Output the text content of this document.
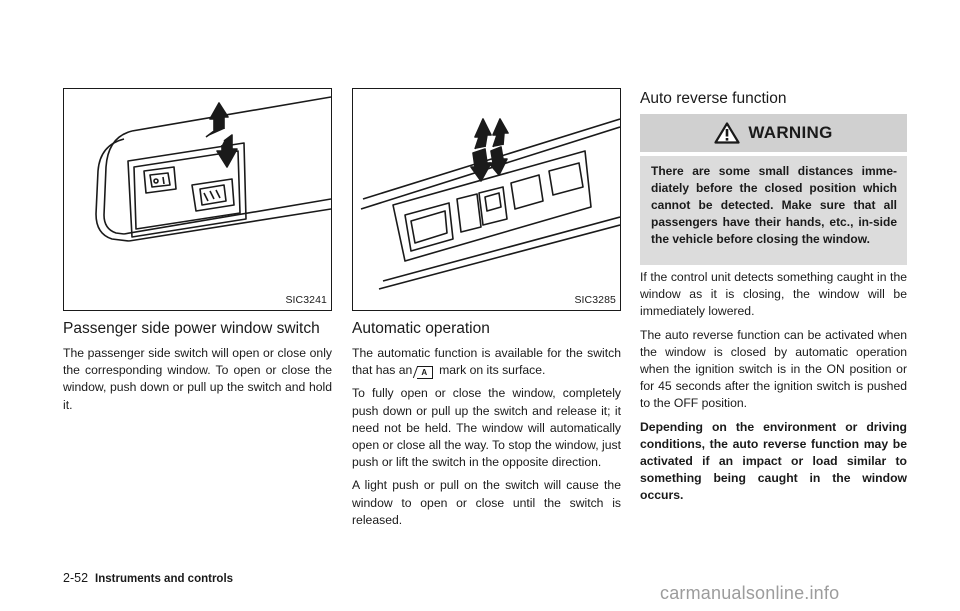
SIC3241	SIC3285
Passenger side power window switch

The passenger side switch will open or close only the corresponding window. To open or close the window, push down or pull up the switch and hold it.

Automatic operation

The automatic function is available for the switch that has an A mark on its surface.

To fully open or close the window, completely push down or pull up the switch and release it; it need not be held. The window will automatically open or close all the way. To stop the window, just push or lift the switch in the opposite direction.

A light push or pull on the switch will cause the window to open or close until the switch is released.

Auto reverse function
WARNING
There are some small distances imme-diately before the closed position which cannot be detected. Make sure that all passengers have their hands, etc., in-side the vehicle before closing the window.

If the control unit detects something caught in the window as it is closing, the window will be immediately lowered.

The auto reverse function can be activated when the window is closed by automatic operation when the ignition switch is in the ON position or for 45 seconds after the ignition switch is pushed to the OFF position.

Depending on the environment or driving conditions, the auto reverse function may be activated if an impact or load similar to something being caught in the window occurs.

2-52 Instruments and controls
carmanualsonline.info
